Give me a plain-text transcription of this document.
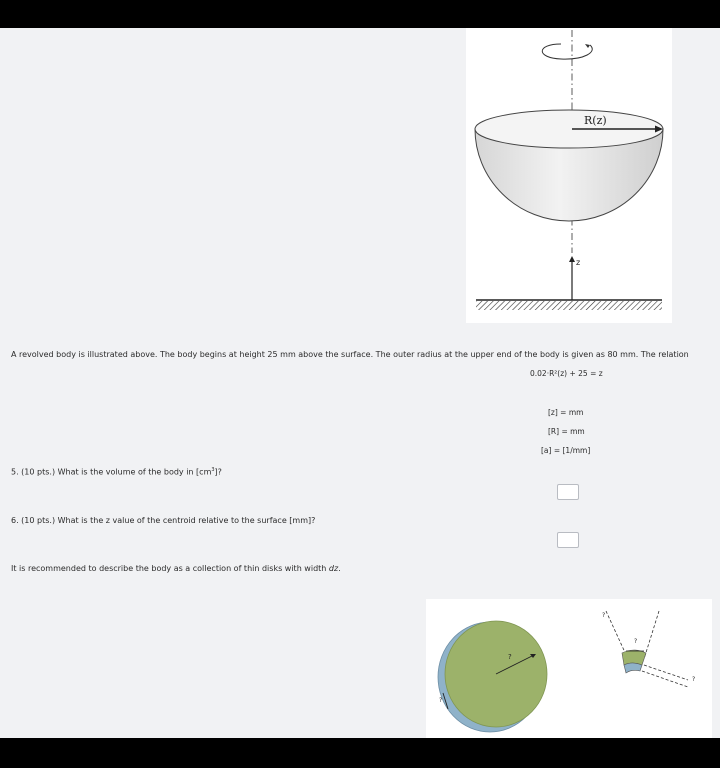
R(z)
z
A revolved body is illustrated above. The body begins at height 25 mm above the surface. The outer radius at the upper end of the body is given as 80 mm. The relation
0.02·R²(z) + 25 = z
[z] = mm
[R] = mm
[a] = [1/mm]
5. (10 pts.) What is the volume of the body in $[cm^3]$?
6. (10 pts.) What is the z value of the centroid relative to the surface [mm]?
It is recommended to describe the body as a collection of thin disks with width dz.
?
?
?
?
?
